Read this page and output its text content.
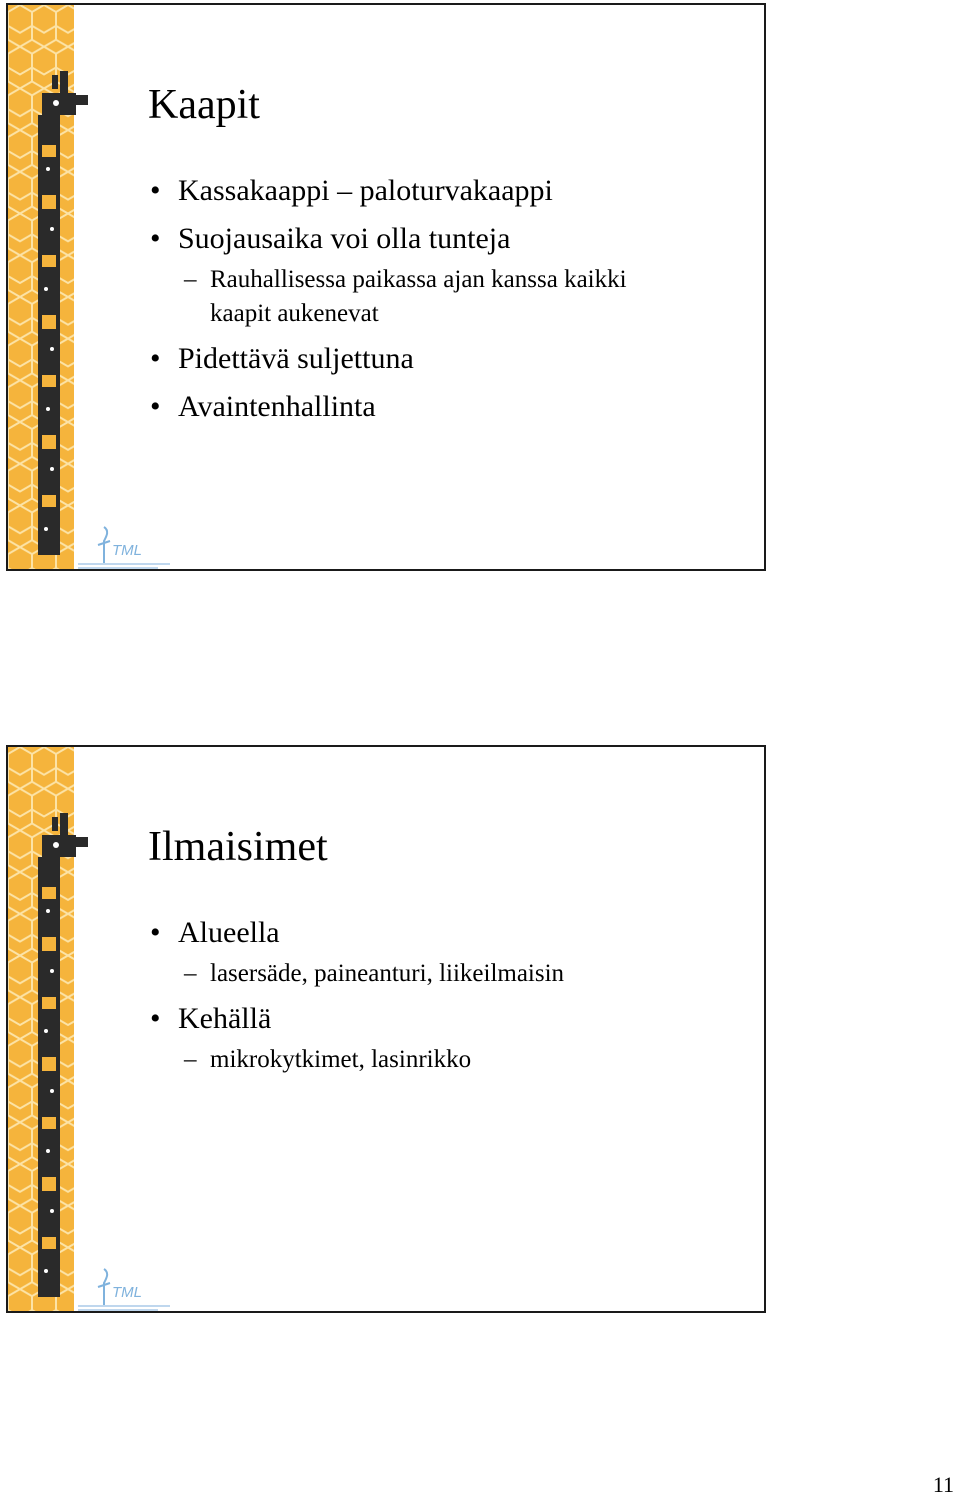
TML
Kaapit
• Kassakaappi – paloturvakaappi
• Suojausaika voi olla tunteja
– Rauhallisessa paikassa ajan kanssa kaikki kaapit aukenevat
• Pidettävä suljettuna
• Avaintenhallinta
TML
Ilmaisimet
• Alueella
– lasersäde, paineanturi, liikeilmaisin
• Kehällä
– mikrokytkimet, lasinrikko
11
